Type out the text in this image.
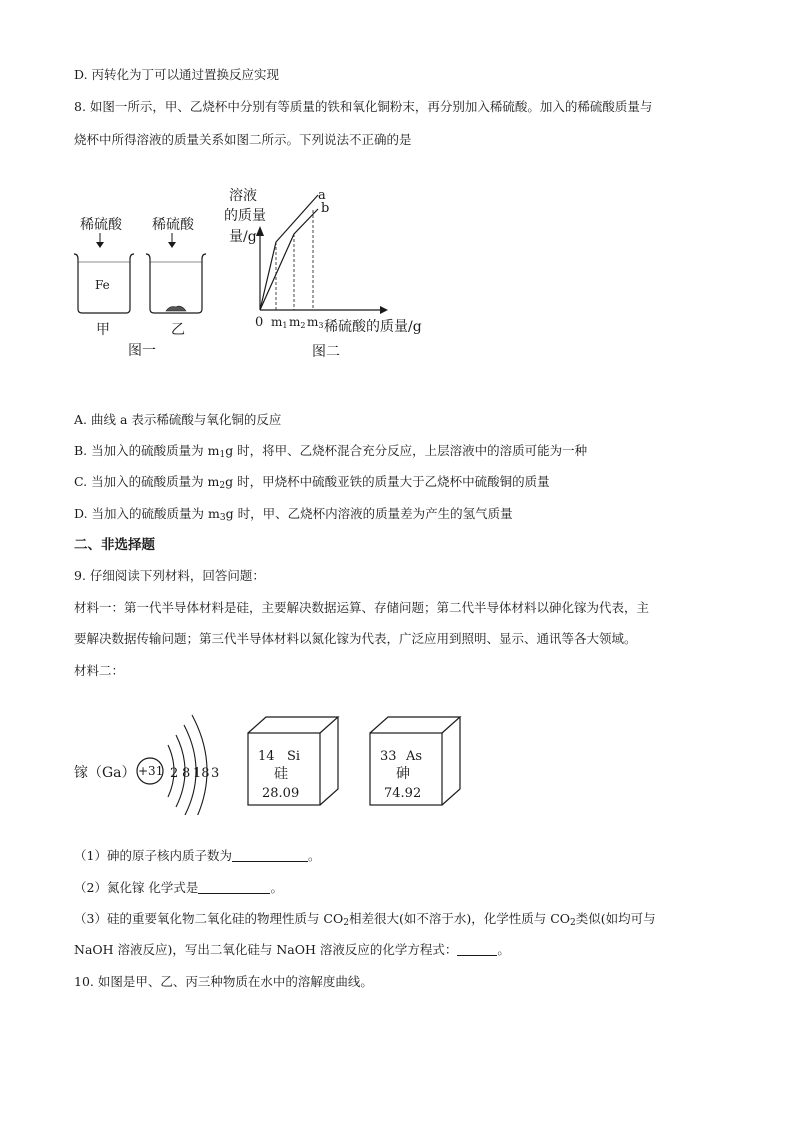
D. 丙转化为丁可以通过置换反应实现
8. 如图一所示，甲、乙烧杯中分别有等质量的铁和氧化铜粉末，再分别加入稀硫酸。加入的稀硫酸质量与
烧杯中所得溶液的质量关系如图二所示。下列说法不正确的是
稀硫酸 稀硫酸
Fe
甲	乙
图一
溶液
的质量
量/g
a
b
0 m1 m2 m3 稀硫酸的质量/g
图二
A. 曲线 a 表示稀硫酸与氧化铜的反应
B. 当加入的硫酸质量为 $m_1g$ 时，将甲、乙烧杯混合充分反应，上层溶液中的溶质可能为一种
C. 当加入的硫酸质量为 $m_2g$ 时，甲烧杯中硫酸亚铁的质量大于乙烧杯中硫酸铜的质量
D. 当加入的硫酸质量为 $m_3g$ 时，甲、乙烧杯内溶液的质量差为产生的氢气质量
二、非选择题
9. 仔细阅读下列材料，回答问题：
材料一：第一代半导体材料是硅，主要解决数据运算、存储问题；第二代半导体材料以砷化镓为代表，主
要解决数据传输问题；第三代半导体材料以氮化镓为代表，广泛应用到照明、显示、通讯等各大领域。
材料二：
镓（Ga） +31 2 8 18 3
14 Si
硅
28.09
33 As
砷
74.92
（1）砷的原子核内质子数为	。
（2）氮化镓 化学式是	。
（3）硅的重要氧化物二氧化硅的物理性质与 $CO_2$相差很大(如不溶于水)，化学性质与 $CO_2$类似(如均可与
NaOH 溶液反应)，写出二氧化硅与 NaOH 溶液反应的化学方程式：	。
10. 如图是甲、乙、丙三种物质在水中的溶解度曲线。
